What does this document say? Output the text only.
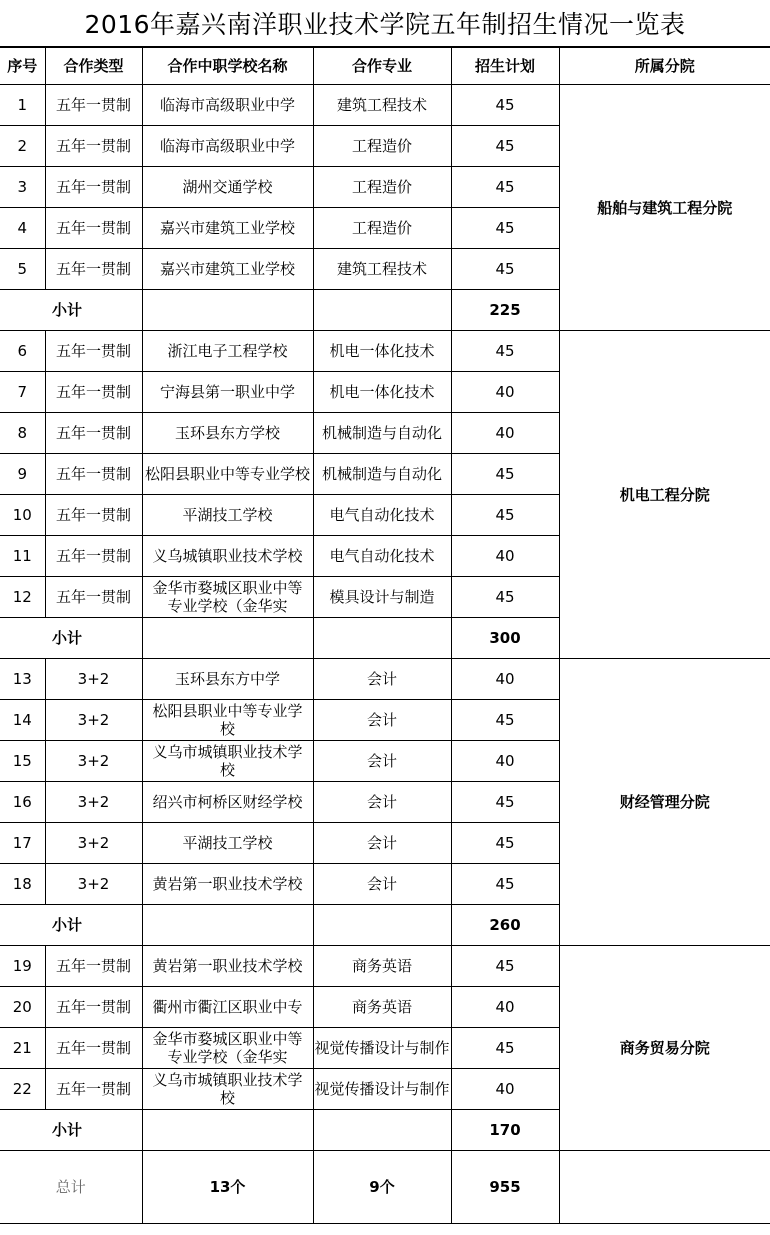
2016年嘉兴南洋职业技术学院五年制招生情况一览表
序号	合作类型	合作中职学校名称	合作专业	招生计划	所属分院
1	五年一贯制	临海市高级职业中学	建筑工程技术	45	船舶与建筑工程分院
2	五年一贯制	临海市高级职业中学	工程造价	45	
3	五年一贯制	湖州交通学校	工程造价	45	
4	五年一贯制	嘉兴市建筑工业学校	工程造价	45	
5	五年一贯制	嘉兴市建筑工业学校	建筑工程技术	45	
小计				225	
6	五年一贯制	浙江电子工程学校	机电一体化技术	45	机电工程分院
7	五年一贯制	宁海县第一职业中学	机电一体化技术	40	
8	五年一贯制	玉环县东方学校	机械制造与自动化	40	
9	五年一贯制	松阳县职业中等专业学校	机械制造与自动化	45	
10	五年一贯制	平湖技工学校	电气自动化技术	45	
11	五年一贯制	义乌城镇职业技术学校	电气自动化技术	40	
12	五年一贯制	金华市婺城区职业中等专业学校（金华实	模具设计与制造	45	
小计				300	
13	3+2	玉环县东方中学	会计	40	财经管理分院
14	3+2	松阳县职业中等专业学校	会计	45	
15	3+2	义乌市城镇职业技术学校	会计	40	
16	3+2	绍兴市柯桥区财经学校	会计	45	
17	3+2	平湖技工学校	会计	45	
18	3+2	黄岩第一职业技术学校	会计	45	
小计				260	
19	五年一贯制	黄岩第一职业技术学校	商务英语	45	商务贸易分院
20	五年一贯制	衢州市衢江区职业中专	商务英语	40	
21	五年一贯制	金华市婺城区职业中等专业学校（金华实	视觉传播设计与制作	45	
22	五年一贯制	义乌市城镇职业技术学校	视觉传播设计与制作	40	
小计				170	
总计		13个	9个	955	
